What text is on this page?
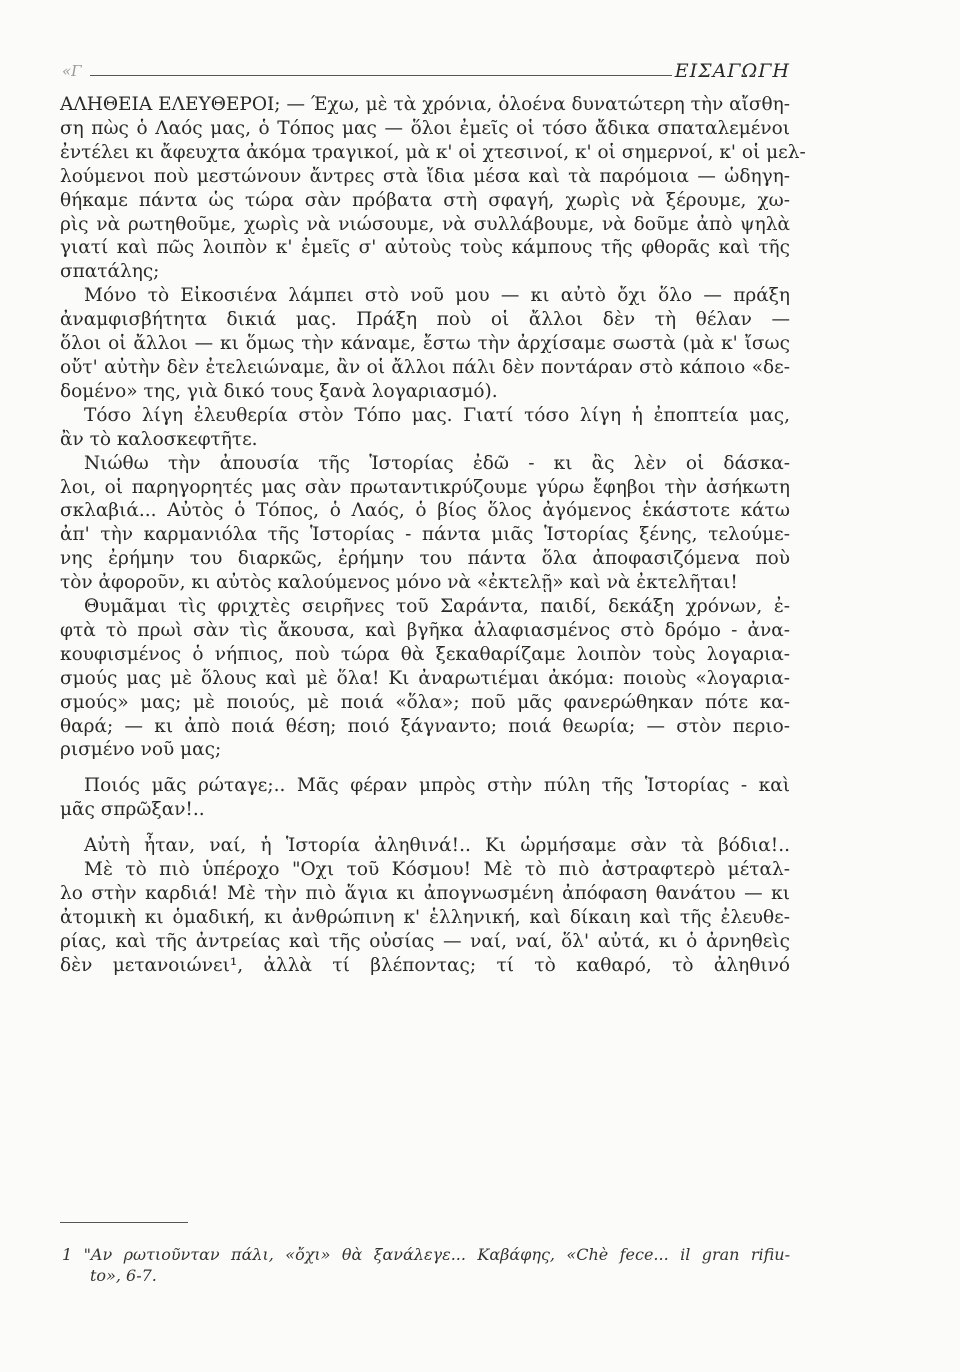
«Γ	ΕΙΣΑΓΩΓΗ
ΑΛΗΘΕΙΑ ΕΛΕΥΘΕΡΟΙ; — Έχω, μὲ τὰ χρόνια, ὁλοένα δυνατώτερη τὴν αἴσθη-
ση πὼς ὁ Λαός μας, ὁ Τόπος μας — ὅλοι ἐμεῖς οἱ τόσο ἄδικα σπαταλεμένοι
ἐντέλει κι ἄφευχτα ἀκόμα τραγικοί, μὰ κ' οἱ χτεσινοί, κ' οἱ σημερνοί, κ' οἱ μελ-
λούμενοι ποὺ μεστώνουν ἄντρες στὰ ἴδια μέσα καὶ τὰ παρόμοια — ὡδηγη-
θήκαμε πάντα ὡς τώρα σὰν πρόβατα στὴ σφαγή, χωρὶς νὰ ξέρουμε, χω-
ρὶς νὰ ρωτηθοῦμε, χωρὶς νὰ νιώσουμε, νὰ συλλάβουμε, νὰ δοῦμε ἀπὸ ψηλὰ
γιατί καὶ πῶς λοιπὸν κ' ἐμεῖς σ' αὐτοὺς τοὺς κάμπους τῆς φθορᾶς καὶ τῆς
σπατάλης;
Μόνο τὸ Εἰκοσιένα λάμπει στὸ νοῦ μου — κι αὐτὸ ὄχι ὅλο — πράξη
ἀναμφισβήτητα δικιά μας. Πράξη ποὺ οἱ ἄλλοι δὲν τὴ θέλαν —
ὅλοι οἱ ἄλλοι — κι ὅμως τὴν κάναμε, ἔστω τὴν ἀρχίσαμε σωστὰ (μὰ κ' ἴσως
οὔτ' αὐτὴν δὲν ἐτελειώναμε, ἂν οἱ ἄλλοι πάλι δὲν ποντάραν στὸ κάποιο «δε-
δομένο» της, γιὰ δικό τους ξανὰ λογαριασμό).
Τόσο λίγη ἐλευθερία στὸν Τόπο μας. Γιατί τόσο λίγη ἡ ἐποπτεία μας,
ἂν τὸ καλοσκεφτῆτε.
Νιώθω τὴν ἀπουσία τῆς Ἱστορίας ἐδῶ - κι ἂς λὲν οἱ δάσκα-
λοι, οἱ παρηγορητές μας σὰν πρωταντικρύζουμε γύρω ἔφηβοι τὴν ἀσήκωτη
σκλαβιά... Αὐτὸς ὁ Τόπος, ὁ Λαός, ὁ βίος ὅλος ἀγόμενος ἑκάστοτε κάτω
ἀπ' τὴν καρμανιόλα τῆς Ἱστορίας - πάντα μιᾶς Ἱστορίας ξένης, τελούμε-
νης ἐρήμην του διαρκῶς, ἐρήμην του πάντα ὅλα ἀποφασιζόμενα ποὺ
τὸν ἀφοροῦν, κι αὐτὸς καλούμενος μόνο νὰ «ἐκτελῇ» καὶ νὰ ἐκτελῆται!
Θυμᾶμαι τὶς φριχτὲς σειρῆνες τοῦ Σαράντα, παιδί, δεκάξη χρόνων, ἐ-
φτὰ τὸ πρωὶ σὰν τὶς ἄκουσα, καὶ βγῆκα ἀλαφιασμένος στὸ δρόμο - ἀνα-
κουφισμένος ὁ νήπιος, ποὺ τώρα θὰ ξεκαθαρίζαμε λοιπὸν τοὺς λογαρια-
σμούς μας μὲ ὅλους καὶ μὲ ὅλα! Κι ἀναρωτιέμαι ἀκόμα: ποιοὺς «λογαρια-
σμούς» μας; μὲ ποιούς, μὲ ποιά «ὅλα»; ποῦ μᾶς φανερώθηκαν πότε κα-
θαρά; — κι ἀπὸ ποιά θέση; ποιό ξάγναντο; ποιά θεωρία; — στὸν περιο-
ρισμένο νοῦ μας;
Ποιός μᾶς ρώταγε;.. Μᾶς φέραν μπρὸς στὴν πύλη τῆς Ἱστορίας - καὶ
μᾶς σπρῶξαν!..
Αὐτὴ ἦταν, ναί, ἡ Ἱστορία ἀληθινά!.. Κι ὡρμήσαμε σὰν τὰ βόδια!..
Μὲ τὸ πιὸ ὑπέροχο "Οχι τοῦ Κόσμου! Μὲ τὸ πιὸ ἀστραφτερὸ μέταλ-
λο στὴν καρδιά! Μὲ τὴν πιὸ ἅγια κι ἀπογνωσμένη ἀπόφαση θανάτου — κι
ἀτομικὴ κι ὁμαδική, κι ἀνθρώπινη κ' ἑλληνική, καὶ δίκαιη καὶ τῆς ἐλευθε-
ρίας, καὶ τῆς ἀντρείας καὶ τῆς οὐσίας — ναί, ναί, ὅλ' αὐτά, κι ὁ ἀρνηθεὶς
δὲν μετανοιώνει¹, ἀλλὰ τί βλέποντας; τί τὸ καθαρό, τὸ ἀληθινό
1 "Αν ρωτιοῦνταν πάλι, «ὄχι» θὰ ξανάλεγε... Καβάφης, «Chè fece... il gran rifiu-
to», 6-7.
